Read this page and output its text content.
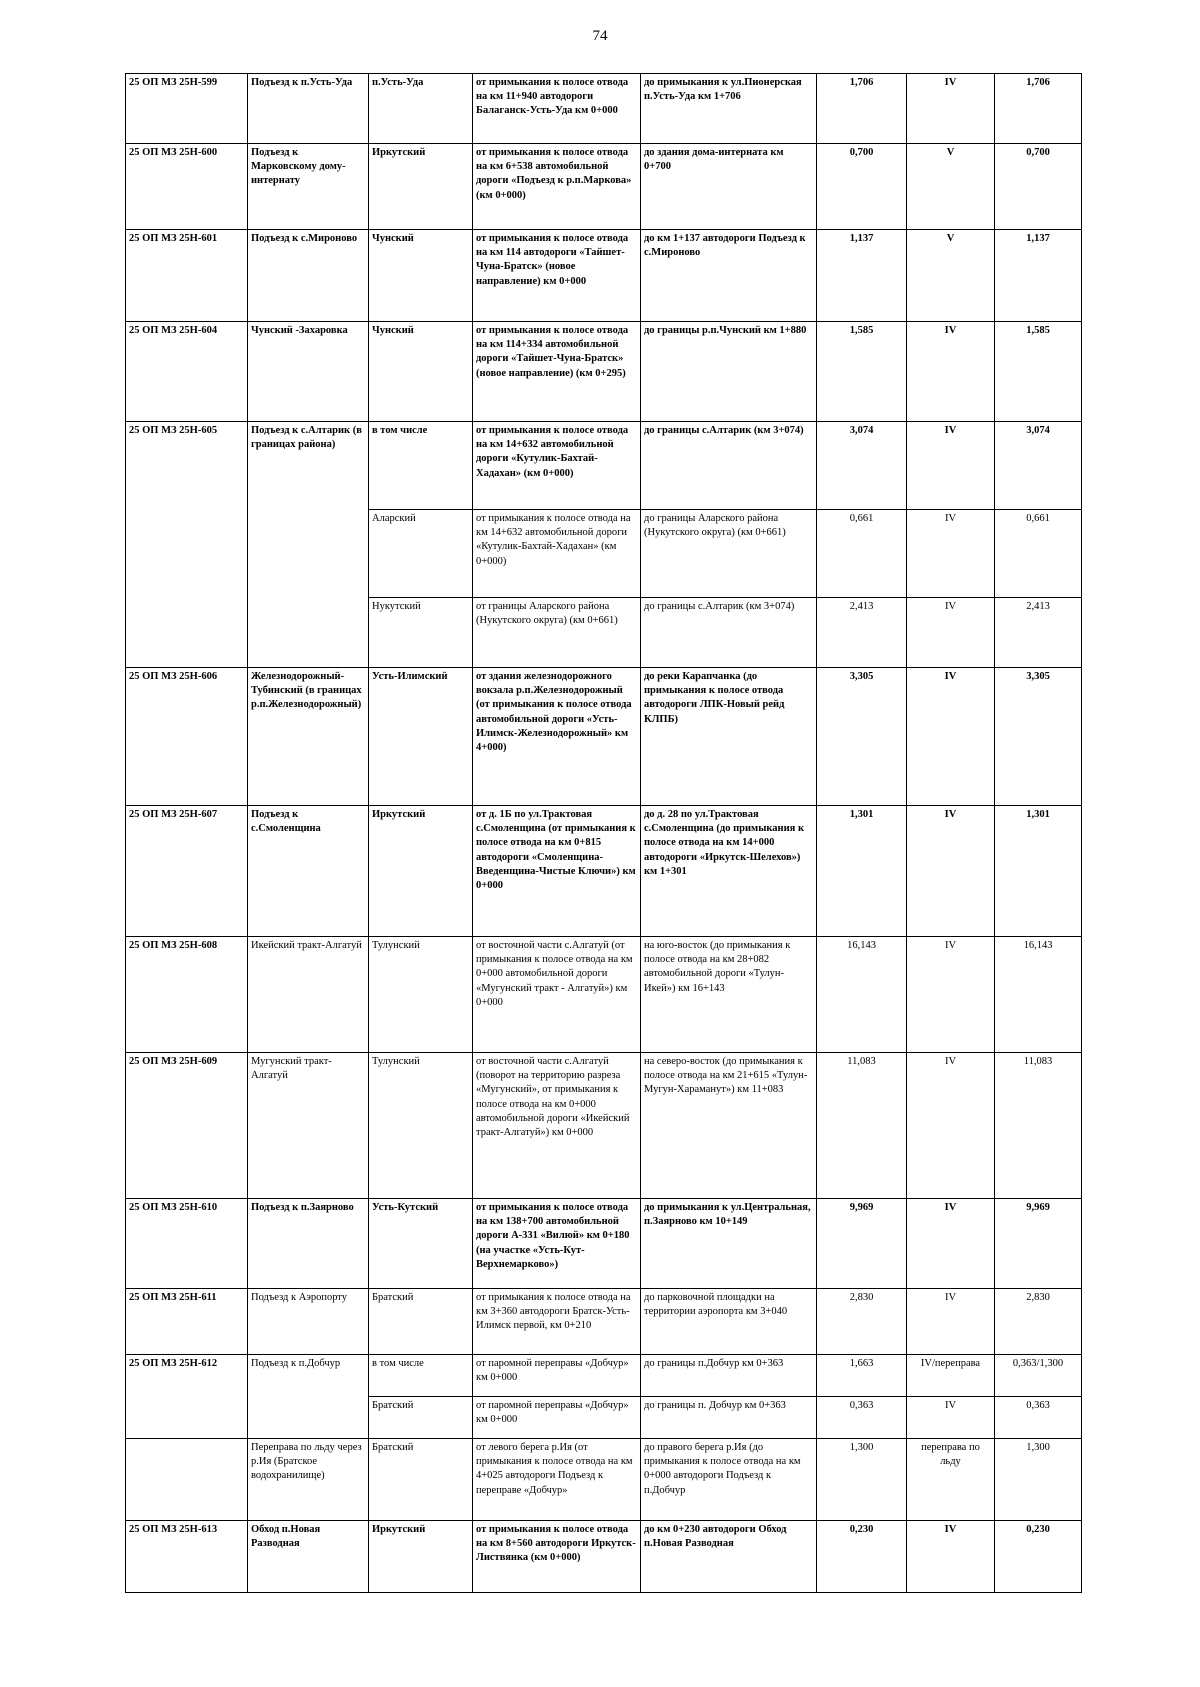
74
25 ОП МЗ 25Н-599	Подъезд к п.Усть-Уда	п.Усть-Уда	от примыкания к полосе отвода на км 11+940 автодороги Балаганск-Усть-Уда км 0+000	до примыкания к ул.Пионерская п.Усть-Уда км 1+706	1,706	IV	1,706
25 ОП МЗ 25Н-600	Подъезд к Марковскому дому-интернату	Иркутский	от примыкания к полосе отвода на км 6+538 автомобильной дороги «Подъезд к р.п.Маркова» (км 0+000)	до здания дома-интерната км 0+700	0,700	V	0,700
25 ОП МЗ 25Н-601	Подъезд к с.Мироново	Чунский	от примыкания к полосе отвода на км 114 автодороги «Тайшет-Чуна-Братск» (новое направление) км 0+000	до км 1+137 автодороги Подъезд к с.Мироново	1,137	V	1,137
25 ОП МЗ 25Н-604	Чунский -Захаровка	Чунский	от примыкания к полосе отвода на км 114+334 автомобильной дороги «Тайшет-Чуна-Братск» (новое направление) (км 0+295)	до границы р.п.Чунский км 1+880	1,585	IV	1,585
25 ОП МЗ 25Н-605	Подъезд к с.Алтарик (в границах района)	в том числе	от примыкания к полосе отвода на км 14+632 автомобильной дороги «Кутулик-Бахтай-Хадахан» (км 0+000)	до границы с.Алтарик (км 3+074)	3,074	IV	3,074
		Аларский	от примыкания к полосе отвода на км 14+632 автомобильной дороги «Кутулик-Бахтай-Хадахан» (км 0+000)	до границы Аларского района (Нукутского округа) (км 0+661)	0,661	IV	0,661
		Нукутский	от границы Аларского района (Нукутского округа) (км 0+661)	до границы с.Алтарик (км 3+074)	2,413	IV	2,413
25 ОП МЗ 25Н-606	Железнодорожный-Тубинский (в границах р.п.Железнодорожный)	Усть-Илимский	от здания железнодорожного вокзала р.п.Железнодорожный (от примыкания к полосе отвода автомобильной дороги «Усть-Илимск-Железнодорожный» км 4+000)	до реки Карапчанка (до примыкания к полосе отвода автодороги ЛПК-Новый рейд КЛПБ)	3,305	IV	3,305
25 ОП МЗ 25Н-607	Подъезд к с.Смоленщина	Иркутский	от д. 1Б по ул.Трактовая с.Смоленщина (от примыкания к полосе отвода на км 0+815 автодороги «Смоленщина-Введенщина-Чистые Ключи») км 0+000	до д. 28 по ул.Трактовая с.Смоленщина (до примыкания к полосе отвода на км 14+000 автодороги «Иркутск-Шелехов») км 1+301	1,301	IV	1,301
25 ОП МЗ 25Н-608	Икейский тракт-Алгатуй	Тулунский	от восточной части с.Алгатуй (от примыкания к полосе отвода на км 0+000 автомобильной дороги «Мугунский тракт - Алгатуй») км 0+000	на юго-восток (до примыкания к полосе отвода на км 28+082 автомобильной дороги «Тулун-Икей») км 16+143	16,143	IV	16,143
25 ОП МЗ 25Н-609	Мугунский тракт-Алгатуй	Тулунский	от восточной части с.Алгатуй (поворот на территорию разреза «Мугунский», от примыкания к полосе отвода на км 0+000 автомобильной дороги «Икейский тракт-Алгатуй») км 0+000	на северо-восток (до примыкания к полосе отвода на км 21+615 «Тулун-Мугун-Хараманут») км 11+083	11,083	IV	11,083
25 ОП МЗ 25Н-610	Подъезд к п.Заярново	Усть-Кутский	от примыкания к полосе отвода на км 138+700 автомобильной дороги А-331 «Вилюй» км 0+180 (на участке «Усть-Кут-Верхнемарково»)	до примыкания к ул.Центральная, п.Заярново км 10+149	9,969	IV	9,969
25 ОП МЗ 25Н-611	Подъезд к Аэропорту	Братский	от примыкания к полосе отвода на км 3+360 автодороги Братск-Усть-Илимск первой, км 0+210	до парковочной площадки на территории аэропорта км 3+040	2,830	IV	2,830
25 ОП МЗ 25Н-612	Подъезд к п.Добчур	в том числе	от паромной переправы «Добчур» км 0+000	до границы п.Добчур км 0+363	1,663	IV/переправа	0,363/1,300
		Братский	от паромной переправы «Добчур» км 0+000	до границы п. Добчур км 0+363	0,363	IV	0,363
	Переправа по льду через р.Ия (Братское водохранилище)	Братский	от левого берега р.Ия (от примыкания к полосе отвода на км 4+025 автодороги Подъезд к переправе «Добчур»	до правого берега р.Ия (до примыкания к полосе отвода на км 0+000 автодороги Подъезд к п.Добчур	1,300	переправа по льду	1,300
25 ОП МЗ 25Н-613	Обход п.Новая Разводная	Иркутский	от примыкания к полосе отвода на км 8+560 автодороги Иркутск-Листвянка (км 0+000)	до км 0+230 автодороги Обход п.Новая Разводная	0,230	IV	0,230
